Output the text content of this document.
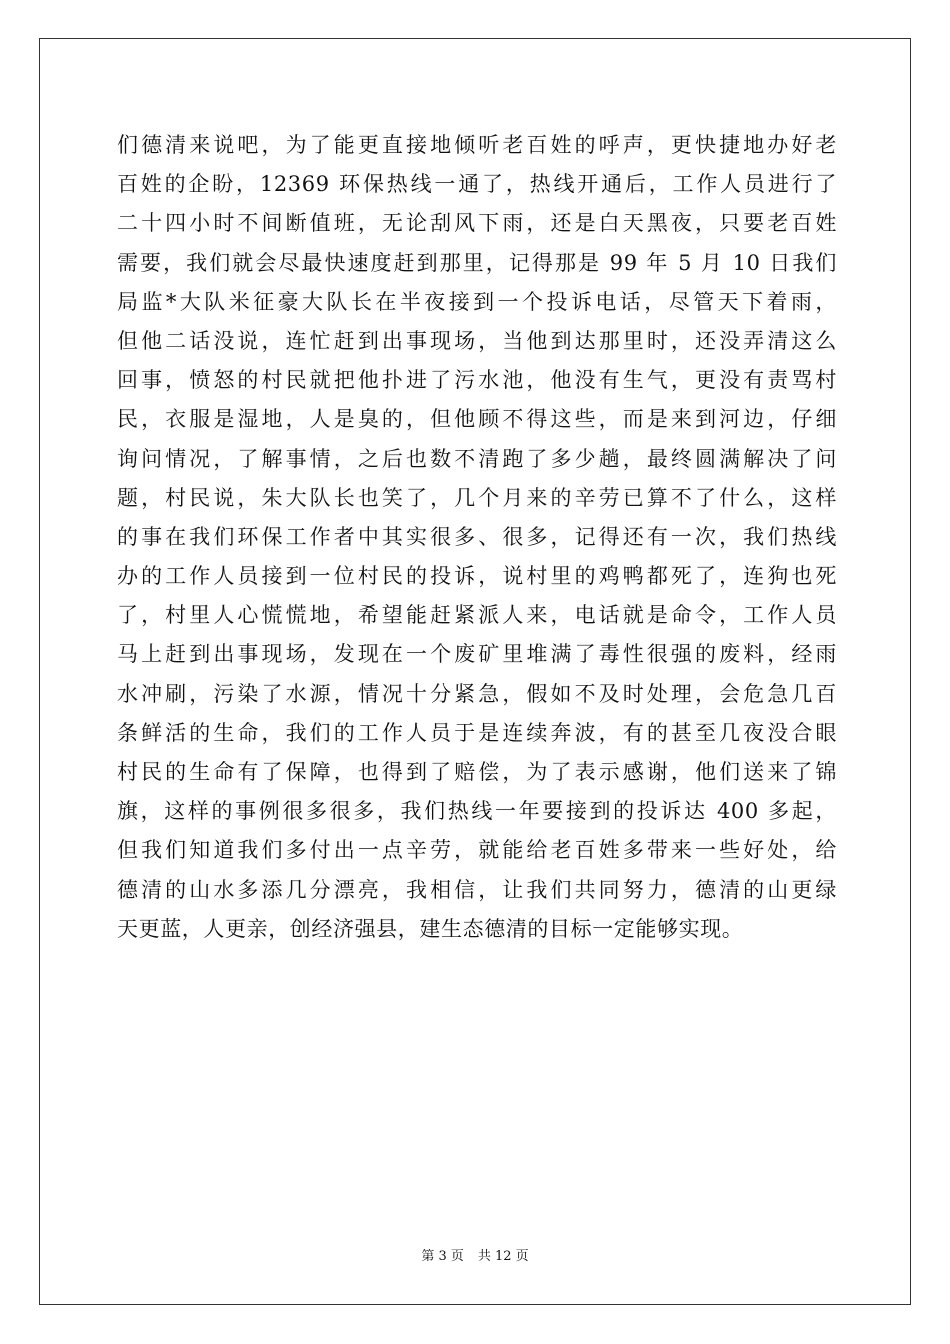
们德清来说吧，为了能更直接地倾听老百姓的呼声，更快捷地办好老
百姓的企盼，12369 环保热线一通了，热线开通后，工作人员进行了
二十四小时不间断值班，无论刮风下雨，还是白天黑夜，只要老百姓
需要，我们就会尽最快速度赶到那里，记得那是 99 年 5 月 10 日我们
局监*大队米征豪大队长在半夜接到一个投诉电话，尽管天下着雨，
但他二话没说，连忙赶到出事现场，当他到达那里时，还没弄清这么
回事，愤怒的村民就把他扑进了污水池，他没有生气，更没有责骂村
民，衣服是湿地，人是臭的，但他顾不得这些，而是来到河边，仔细
询问情况，了解事情，之后也数不清跑了多少趟，最终圆满解决了问
题，村民说，朱大队长也笑了，几个月来的辛劳已算不了什么，这样
的事在我们环保工作者中其实很多、很多，记得还有一次，我们热线
办的工作人员接到一位村民的投诉，说村里的鸡鸭都死了，连狗也死
了，村里人心慌慌地，希望能赶紧派人来，电话就是命令，工作人员
马上赶到出事现场，发现在一个废矿里堆满了毒性很强的废料，经雨
水冲刷，污染了水源，情况十分紧急，假如不及时处理，会危急几百
条鲜活的生命，我们的工作人员于是连续奔波，有的甚至几夜没合眼
村民的生命有了保障，也得到了赔偿，为了表示感谢，他们送来了锦
旗，这样的事例很多很多，我们热线一年要接到的投诉达 400 多起，
但我们知道我们多付出一点辛劳，就能给老百姓多带来一些好处，给
德清的山水多添几分漂亮，我相信，让我们共同努力，德清的山更绿
天更蓝，人更亲，创经济强县，建生态德清的目标一定能够实现。
第 3 页 共 12 页
